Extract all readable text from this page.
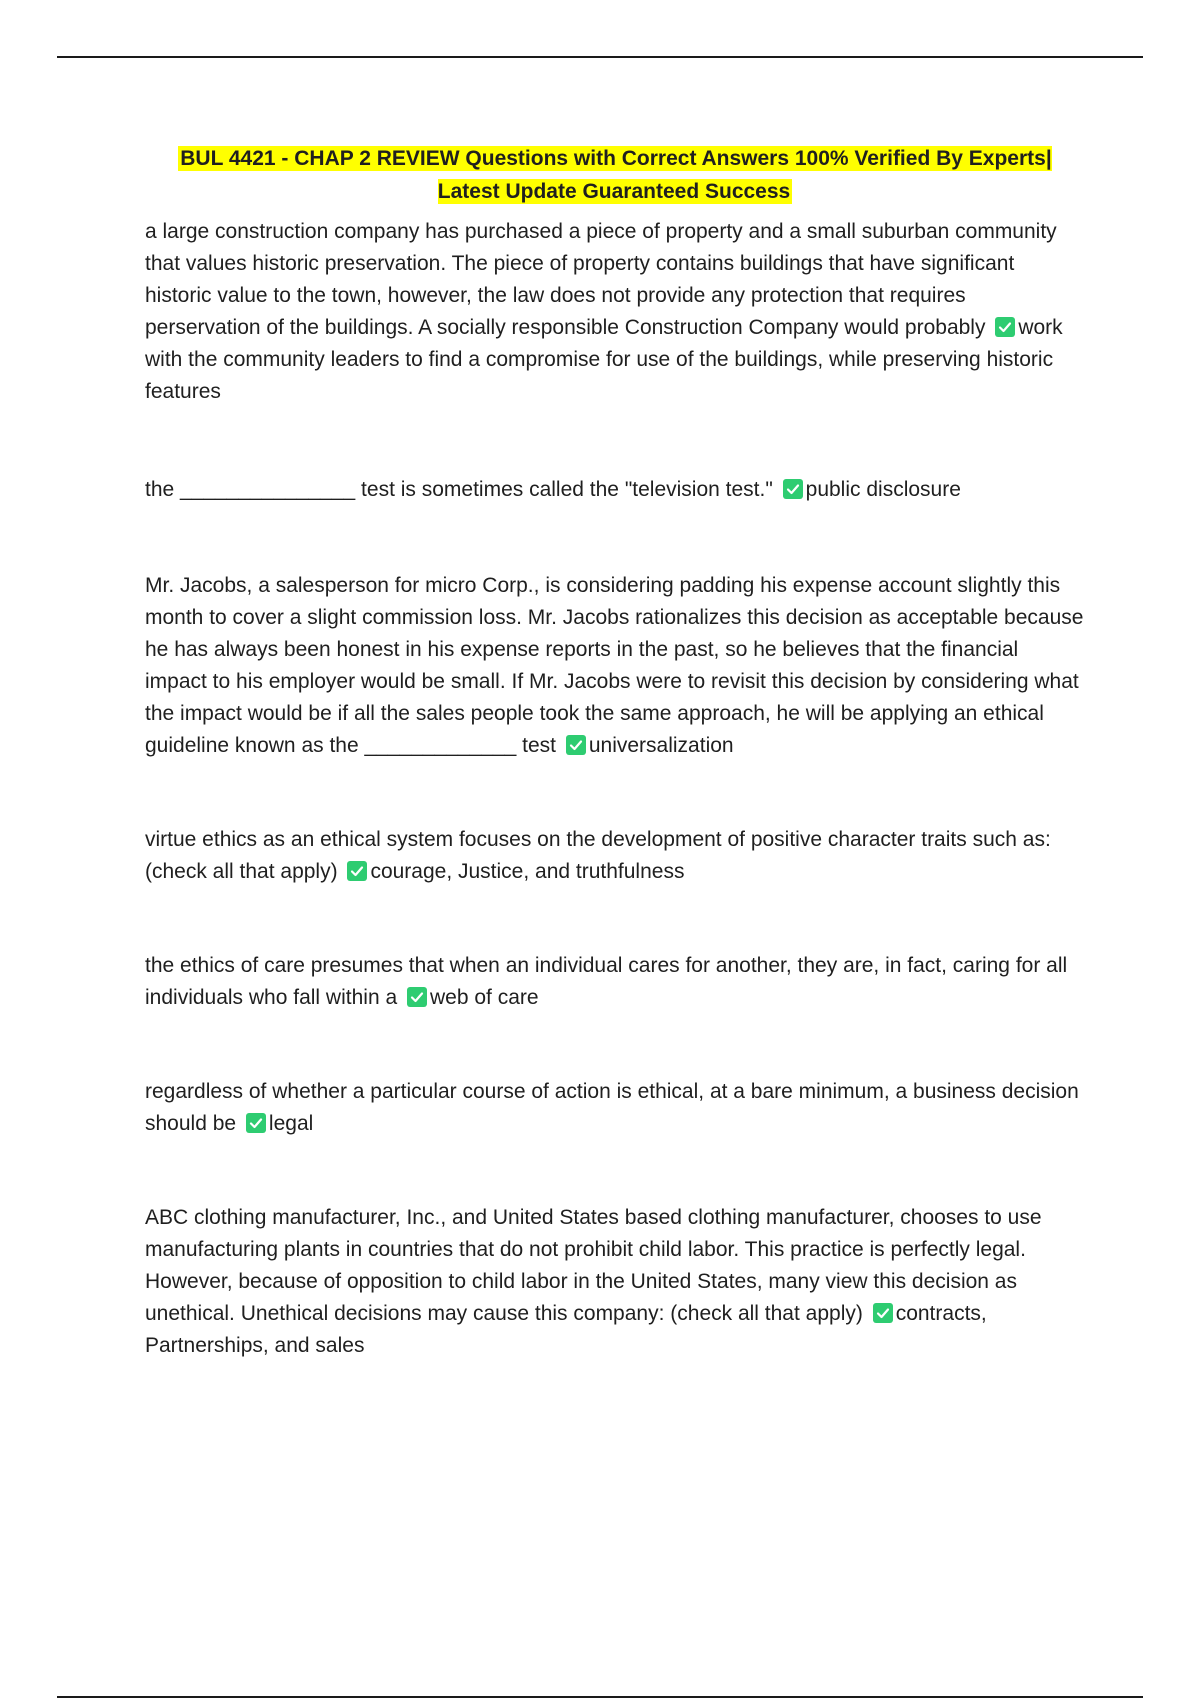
BUL 4421 - CHAP 2 REVIEW Questions with Correct Answers 100% Verified By Experts| Latest Update Guaranteed Success

a large construction company has purchased a piece of property and a small suburban community that values historic preservation. The piece of property contains buildings that have significant historic value to the town, however, the law does not provide any protection that requires perservation of the buildings. A socially responsible Construction Company would probably work with the community leaders to find a compromise for use of the buildings, while preserving historic features

the _______________ test is sometimes called the "television test." public disclosure

Mr. Jacobs, a salesperson for micro Corp., is considering padding his expense account slightly this month to cover a slight commission loss. Mr. Jacobs rationalizes this decision as acceptable because he has always been honest in his expense reports in the past, so he believes that the financial impact to his employer would be small. If Mr. Jacobs were to revisit this decision by considering what the impact would be if all the sales people took the same approach, he will be applying an ethical guideline known as the _____________ test universalization

virtue ethics as an ethical system focuses on the development of positive character traits such as: (check all that apply) courage, Justice, and truthfulness

the ethics of care presumes that when an individual cares for another, they are, in fact, caring for all individuals who fall within a web of care

regardless of whether a particular course of action is ethical, at a bare minimum, a business decision should be legal

ABC clothing manufacturer, Inc., and United States based clothing manufacturer, chooses to use manufacturing plants in countries that do not prohibit child labor. This practice is perfectly legal. However, because of opposition to child labor in the United States, many view this decision as unethical. Unethical decisions may cause this company: (check all that apply) contracts, Partnerships, and sales
